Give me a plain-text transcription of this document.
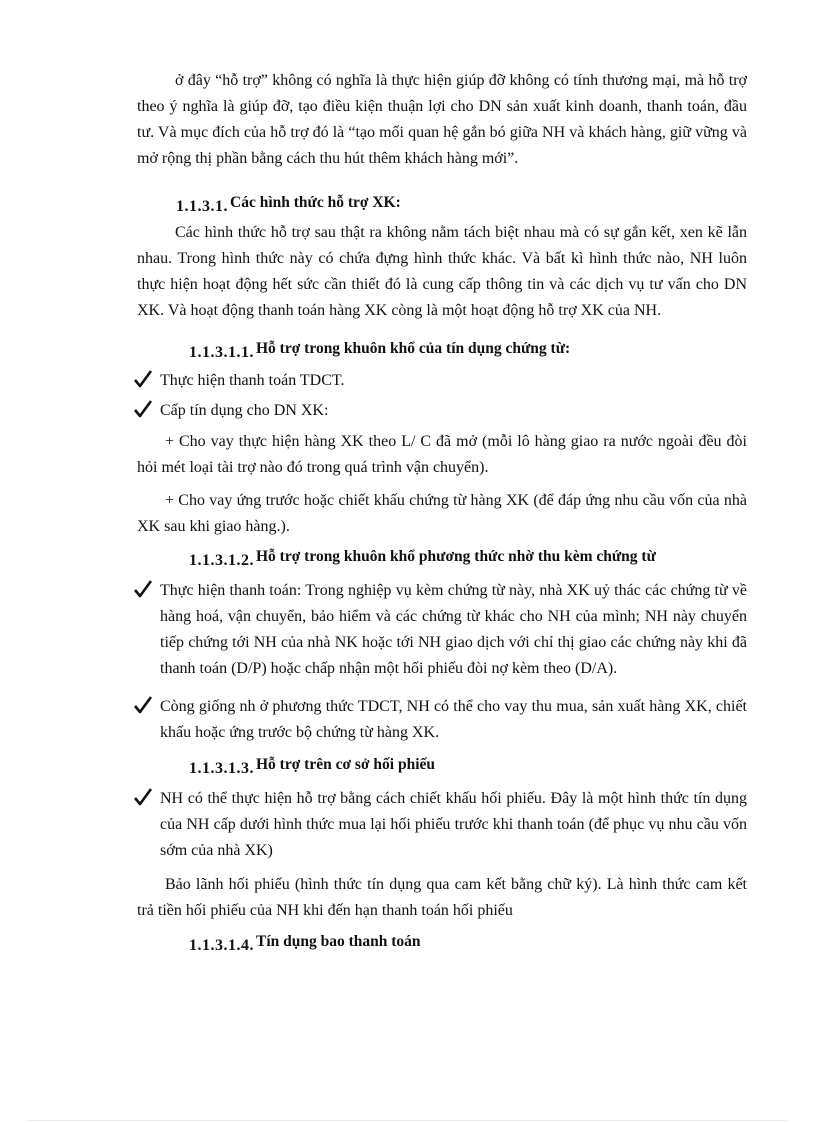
ở đây “hỗ trợ” không có nghĩa là thực hiện giúp đỡ không có tính thương mại, mà hỗ trợ theo ý nghĩa là giúp đỡ, tạo điều kiện thuận lợi cho DN sản xuất kinh doanh, thanh toán, đầu tư. Và mục đích của hỗ trợ đó là “tạo mối quan hệ gắn bó giữa NH và khách hàng, giữ vững và mở rộng thị phần bằng cách thu hút thêm khách hàng mới”.

1.1.3.1. Các hình thức hỗ trợ XK:

Các hình thức hỗ trợ sau thật ra không nằm tách biệt nhau mà có sự gắn kết, xen kẽ lẫn nhau. Trong hình thức này có chứa đựng hình thức khác. Và bất kì hình thức nào, NH luôn thực hiện hoạt động hết sức cần thiết đó là cung cấp thông tin và các dịch vụ tư vấn cho DN XK. Và hoạt động thanh toán hàng XK còng là một hoạt động hỗ trợ XK của NH.

1.1.3.1.1. Hỗ trợ trong khuôn khổ của tín dụng chứng từ:
Thực hiện thanh toán TDCT.
Cấp tín dụng cho DN XK:

+ Cho vay thực hiện hàng XK theo L/ C đã mở (mỗi lô hàng giao ra nước ngoài đều đòi hỏi mét loại tài trợ nào đó trong quá trình vận chuyển).

+ Cho vay ứng trước hoặc chiết khấu chứng từ hàng XK (để đáp ứng nhu cầu vốn của nhà XK sau khi giao hàng.).

1.1.3.1.2. Hỗ trợ trong khuôn khổ phương thức nhờ thu kèm chứng từ
Thực hiện thanh toán: Trong nghiệp vụ kèm chứng từ này, nhà XK uỷ thác các chứng từ về hàng hoá, vận chuyển, bảo hiểm và các chứng từ khác cho NH của mình; NH này chuyển tiếp chứng tới NH của nhà NK hoặc tới NH giao dịch với chỉ thị giao các chứng này khi đã thanh toán (D/P) hoặc chấp nhận một hối phiếu đòi nợ kèm theo (D/A).
Còng giống nh ở phương thức TDCT, NH có thể cho vay thu mua, sản xuất hàng XK, chiết khấu hoặc ứng trước bộ chứng từ hàng XK.
1.1.3.1.3. Hỗ trợ trên cơ sở hối phiếu
NH có thể thực hiện hỗ trợ bằng cách chiết khấu hối phiếu. Đây là một hình thức tín dụng của NH cấp dưới hình thức mua lại hối phiếu trước khi thanh toán (để phục vụ nhu cầu vốn sớm của nhà XK)

Bảo lãnh hối phiếu (hình thức tín dụng qua cam kết bằng chữ ký). Là hình thức cam kết trả tiền hối phiếu của NH khi đến hạn thanh toán hối phiếu

1.1.3.1.4. Tín dụng bao thanh toán
